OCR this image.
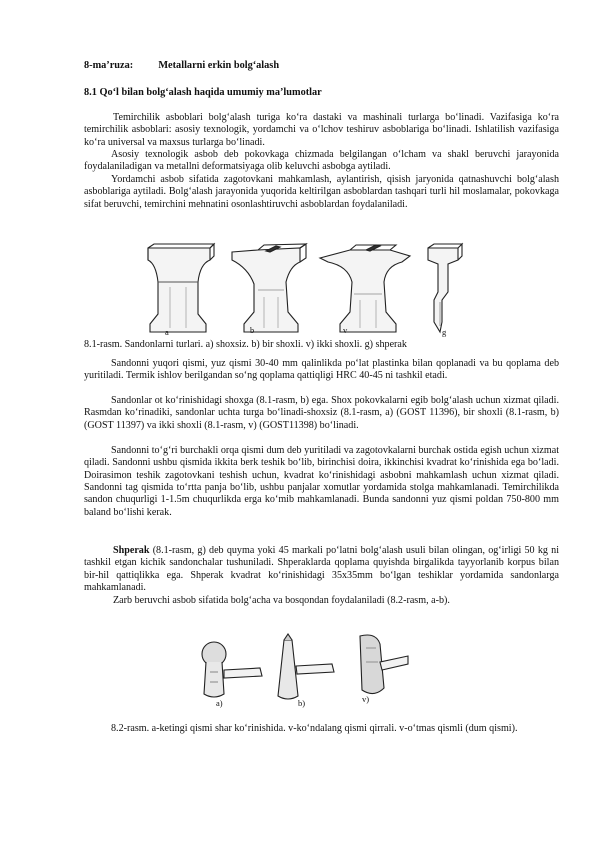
8-ma’ruza: Metallarni erkin bolg‘alash
8.1 Qo‘l bilan bolg‘alash haqida umumiy ma’lumotlar

Temirchilik asboblari bolg‘alash turiga ko‘ra dastaki va mashinali turlarga bo‘linadi. Vazifasiga ko‘ra temirchilik asboblari: asosiy texnologik, yordamchi va o‘lchov teshiruv asboblariga bo‘linadi. Ishlatilish vazifasiga ko‘ra universal va maxsus turlarga bo‘linadi.

Asosiy texnologik asbob deb pokovkaga chizmada belgilangan o‘lcham va shakl beruvchi jarayonida foydalaniladigan va metallni deformatsiyaga olib keluvchi asbobga aytiladi.

Yordamchi asbob sifatida zagotovkani mahkamlash, aylantirish, qisish jaryonida qatnashuvchi bolg‘alash asboblariga aytiladi. Bolg‘alash jarayonida yuqorida keltirilgan asboblardan tashqari turli hil moslamalar, pokovkaga sifat beruvchi, temirchini mehnatini osonlashtiruvchi asboblardan foydalaniladi.

a	b	v	g
8.1-rasm. Sandonlarni turlari. a) shoxsiz. b) bir shoxli. v) ikki shoxli. g) shperak

Sandonni yuqori qismi, yuz qismi 30-40 mm qalinlikda po‘lat plastinka bilan qoplanadi va bu qoplama deb yuritiladi. Termik ishlov berilgandan so‘ng qoplama qattiqligi HRC 40-45 ni tashkil etadi.

Sandonlar ot ko‘rinishidagi shoxga (8.1-rasm, b) ega. Shox pokovkalarni egib bolg‘alash uchun xizmat qiladi. Rasmdan ko‘rinadiki, sandonlar uchta turga bo‘linadi-shoxsiz (8.1-rasm, a) (GOST 11396), bir shoxli (8.1-rasm, b) (GOST 11397) va ikki shoxli (8.1-rasm, v) (GOST11398) bo‘linadi.

Sandonni to‘g‘ri burchakli orqa qismi dum deb yuritiladi va zagotovkalarni burchak ostida egish uchun xizmat qiladi. Sandonni ushbu qismida ikkita berk teshik bo‘lib, birinchisi doira, ikkinchisi kvadrat ko‘rinishida ega bo‘ladi. Doirasimon teshik zagotovkani teshish uchun, kvadrat ko‘rinishidagi asbobni mahkamlash uchun xizmat qiladi. Sandonni tag qismida to‘rtta panja bo‘lib, ushbu panjalar xomutlar yordamida stolga mahkamlanadi. Temirchilikda sandon chuqurligi 1-1.5m chuqurlikda erga ko‘mib mahkamlanadi. Bunda sandonni yuz qismi poldan 750-800 mm baland bo‘lishi kerak.

Shperak (8.1-rasm, g) deb quyma yoki 45 markali po‘latni bolg‘alash usuli bilan olingan, og‘irligi 50 kg ni tashkil etgan kichik sandonchalar tushuniladi. Shperaklarda qoplama quyishda birgalikda tayyorlanib korpus bilan bir-hil qattiqlikka ega. Shperak kvadrat ko‘rinishidagi 35x35mm bo‘lgan teshiklar yordamida sandonlarga mahkamlanadi.

Zarb beruvchi asbob sifatida bolg‘acha va bosqondan foydalaniladi (8.2-rasm, a-b).

a)	b)	v)

8.2-rasm. a-ketingi qismi shar ko‘rinishida. v-ko‘ndalang qismi qirrali. v-o‘tmas qismli (dum qismi).
